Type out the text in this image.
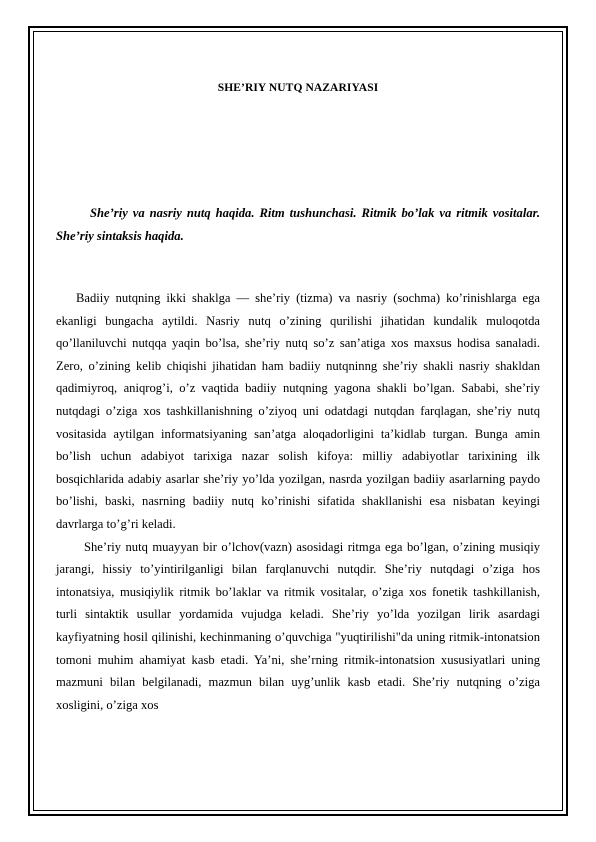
SHE’RIY NUTQ NAZARIYASI
She’riy va nasriy nutq haqida. Ritm tushunchasi. Ritmik bo’lak va ritmik vositalar. She’riy sintaksis haqida.

Badiiy nutqning ikki shaklga — she’riy (tizma) va nasriy (sochma) ko’rinishlarga ega ekanligi bungacha aytildi. Nasriy nutq o’zining qurilishi jihatidan kundalik muloqotda qo’llaniluvchi nutqqa yaqin bo’lsa, she’riy nutq so’z san’atiga xos maxsus hodisa sanaladi. Zero, o’zining kelib chiqishi jihatidan ham badiiy nutqninng she’riy shakli nasriy shakldan qadimiyroq, aniqrog’i, o’z vaqtida badiiy nutqning yagona shakli bo’lgan. Sababi, she’riy nutqdagi o’ziga xos tashkillanishning o’ziyoq uni odatdagi nutqdan farqlagan, she’riy nutq vositasida aytilgan informatsiyaning san’atga aloqadorligini ta’kidlab turgan. Bunga amin bo’lish uchun adabiyot tarixiga nazar solish kifoya: milliy adabiyotlar tarixining ilk bosqichlarida adabiy asarlar she’riy yo’lda yozilgan, nasrda yozilgan badiiy asarlarning paydo bo’lishi, baski, nasrning badiiy nutq ko’rinishi sifatida shakllanishi esa nisbatan keyingi davrlarga to’g’ri keladi.

She’riy nutq muayyan bir o’lchov(vazn) asosidagi ritmga ega bo’lgan, o’zining musiqiy jarangi, hissiy to’yintirilganligi bilan farqlanuvchi nutqdir. She’riy nutqdagi o’ziga hos intonatsiya, musiqiylik ritmik bo’laklar va ritmik vositalar, o’ziga xos fonetik tashkillanish, turli sintaktik usullar yordamida vujudga keladi. She’riy yo’lda yozilgan lirik asardagi kayfiyatning hosil qilinishi, kechinmaning o’quvchiga "yuqtirilishi"da uning ritmik-intonatsion tomoni muhim ahamiyat kasb etadi. Ya’ni, she’rning ritmik-intonatsion xususiyatlari uning mazmuni bilan belgilanadi, mazmun bilan uyg’unlik kasb etadi. She’riy nutqning o’ziga xosligini, o’ziga xos
